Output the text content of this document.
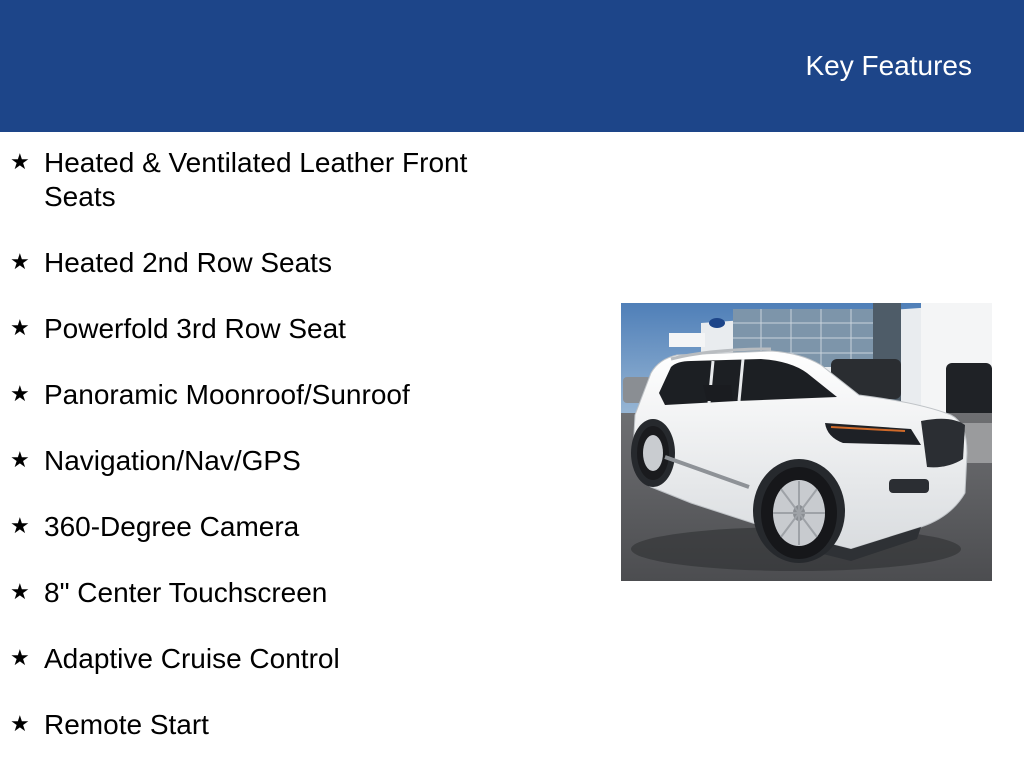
Key Features
★ Heated & Ventilated Leather Front Seats
★ Heated 2nd Row Seats
★ Powerfold 3rd Row Seat
★ Panoramic Moonroof/Sunroof
★ Navigation/Nav/GPS
★ 360-Degree Camera
★ 8" Center Touchscreen
★ Adaptive Cruise Control
★ Remote Start
